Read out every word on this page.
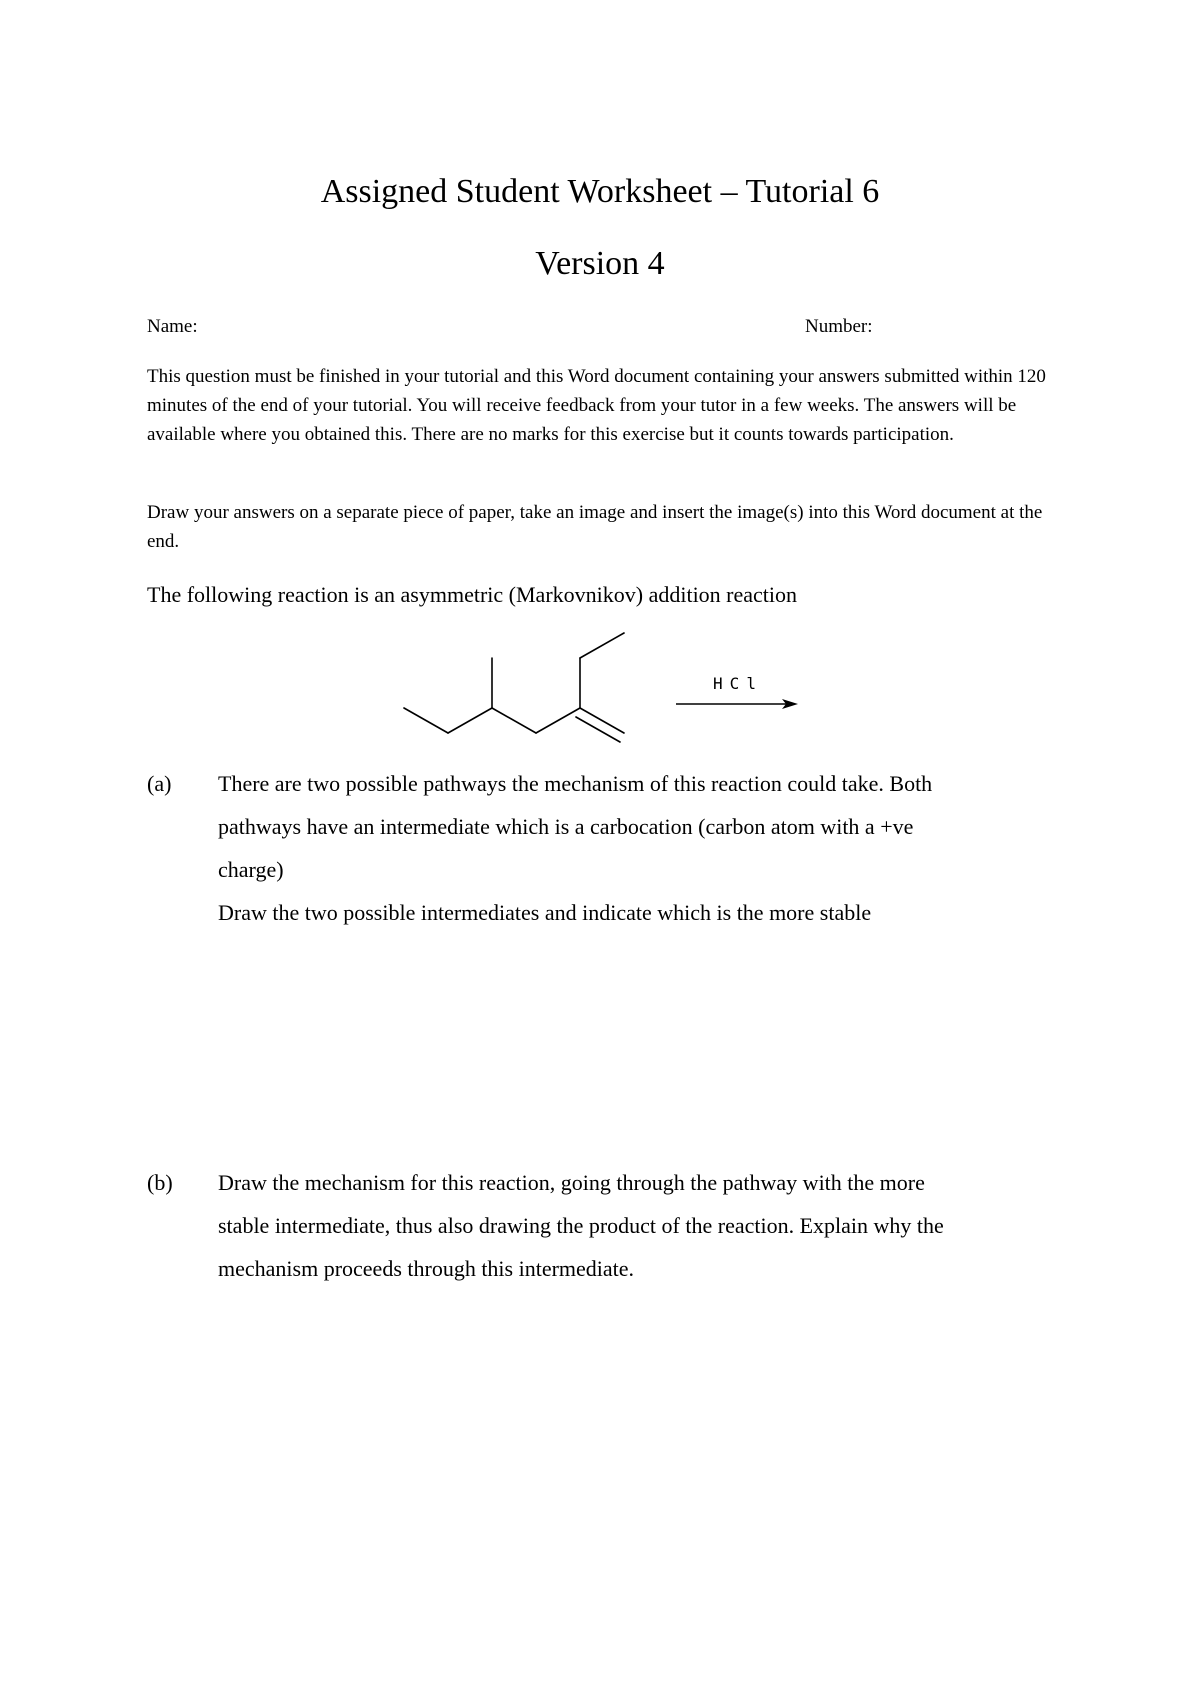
Assigned Student Worksheet – Tutorial 6
Version 4
Name:	Number:
This question must be finished in your tutorial and this Word document containing your answers submitted within 120 minutes of the end of your tutorial. You will receive feedback from your tutor in a few weeks. The answers will be available where you obtained this. There are no marks for this exercise but it counts towards participation.
Draw your answers on a separate piece of paper, take an image and insert the image(s) into this Word document at the end.
The following reaction is an asymmetric (Markovnikov) addition reaction
HCl
(a) There are two possible pathways the mechanism of this reaction could take. Both
pathways have an intermediate which is a carbocation (carbon atom with a +ve
charge)
Draw the two possible intermediates and indicate which is the more stable
(b) Draw the mechanism for this reaction, going through the pathway with the more
stable intermediate, thus also drawing the product of the reaction. Explain why the
mechanism proceeds through this intermediate.
